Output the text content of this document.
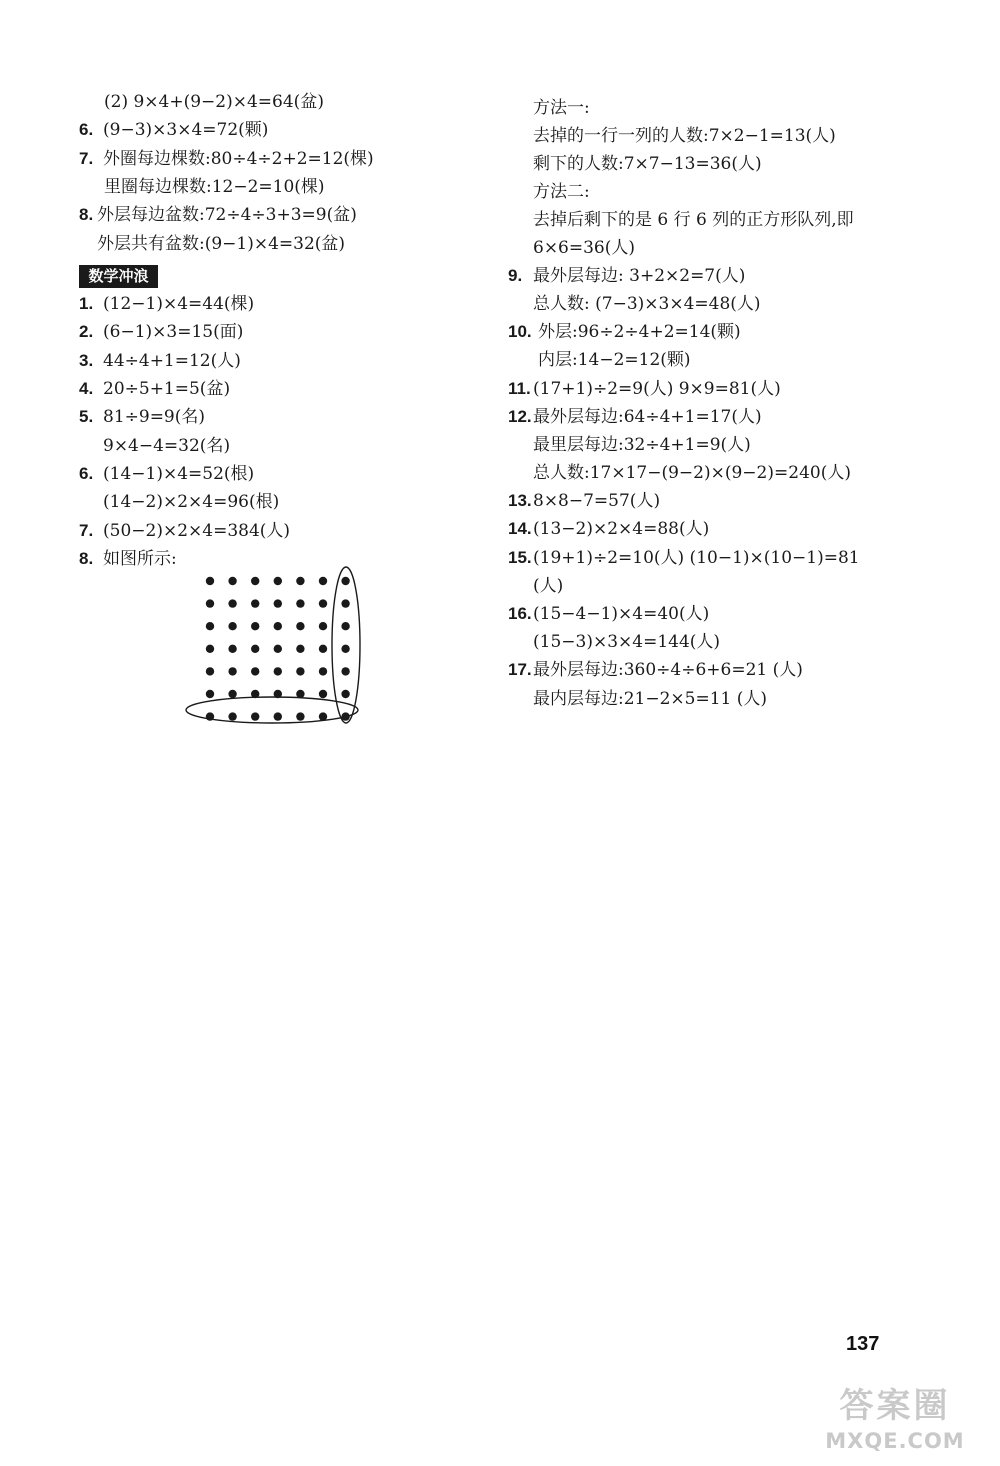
(2) 9×4+(9−2)×4=64(盆)
6. (9−3)×3×4=72(颗)
7. 外圈每边棵数:80÷4÷2+2=12(棵)
里圈每边棵数:12−2=10(棵)
8. 外层每边盆数:72÷4÷3+3=9(盆)
外层共有盆数:(9−1)×4=32(盆)
数学冲浪
1. (12−1)×4=44(棵)
2. (6−1)×3=15(面)
3. 44÷4+1=12(人)
4. 20÷5+1=5(盆)
5. 81÷9=9(名)
9×4−4=32(名)
6. (14−1)×4=52(根)
(14−2)×2×4=96(根)
7. (50−2)×2×4=384(人)
8. 如图所示:
方法一:
去掉的一行一列的人数:7×2−1=13(人)
剩下的人数:7×7−13=36(人)
方法二:
去掉后剩下的是 6 行 6 列的正方形队列,即
6×6=36(人)
9. 最外层每边: 3+2×2=7(人)
总人数: (7−3)×3×4=48(人)
10. 外层:96÷2÷4+2=14(颗)
内层:14−2=12(颗)
11. (17+1)÷2=9(人) 9×9=81(人)
12.最外层每边:64÷4+1=17(人)
最里层每边:32÷4+1=9(人)
总人数:17×17−(9−2)×(9−2)=240(人)
13.8×8−7=57(人)
14.(13−2)×2×4=88(人)
15.(19+1)÷2=10(人) (10−1)×(10−1)=81
(人)
16.(15−4−1)×4=40(人)
(15−3)×3×4=144(人)
17.最外层每边:360÷4÷6+6=21 (人)
最内层每边:21−2×5=11 (人)
137
答案圈
MXQE.COM
